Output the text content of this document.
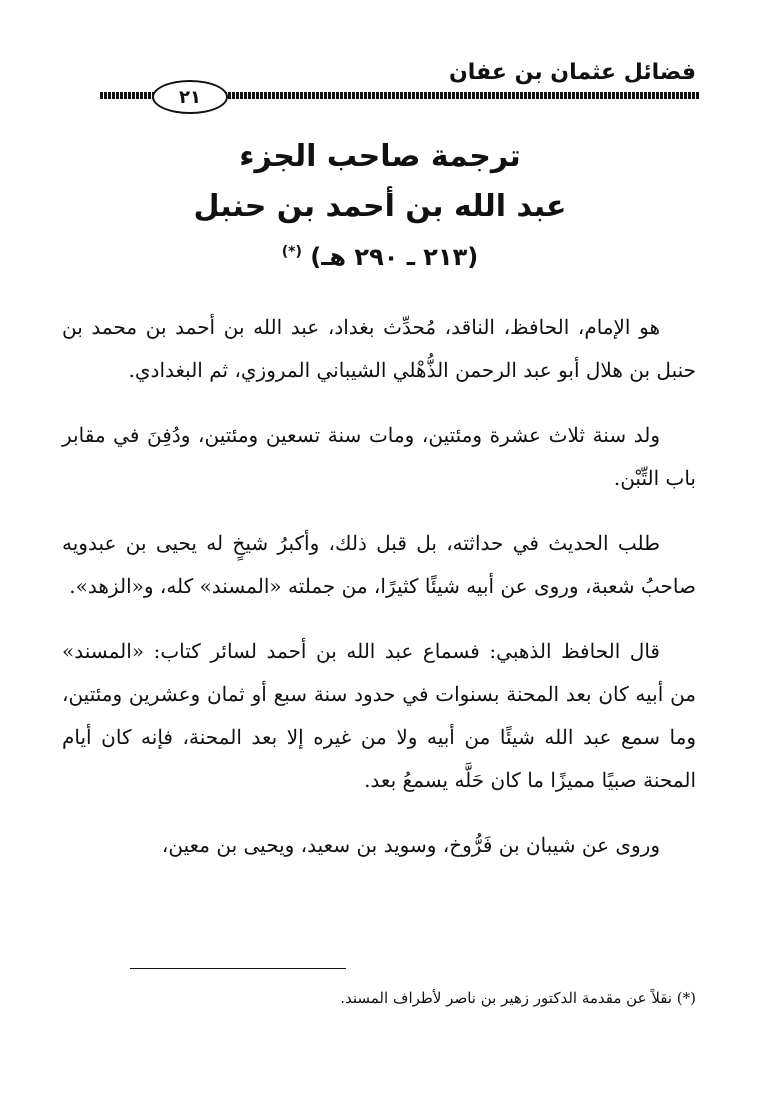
فضائل عثمان بن عفان
٢١
ترجمة صاحب الجزء
عبد الله بن أحمد بن حنبل
(٢١٣ ـ ٢٩٠ هـ) (*)

هو الإمام، الحافظ، الناقد، مُحدِّث بغداد، عبد الله بن أحمد بن محمد بن حنبل بن هلال أبو عبد الرحمن الذُّهْلي الشيباني المروزي، ثم البغدادي.

ولد سنة ثلاث عشرة ومئتين، ومات سنة تسعين ومئتين، ودُفِنَ في مقابر باب التِّبْن.

طلب الحديث في حداثته، بل قبل ذلك، وأكبرُ شيخٍ له يحيى بن عبدويه صاحبُ شعبة، وروى عن أبيه شيئًا كثيرًا، من جملته «المسند» كله، و«الزهد».

قال الحافظ الذهبي: فسماع عبد الله بن أحمد لسائر كتاب: «المسند» من أبيه كان بعد المحنة بسنوات في حدود سنة سبع أو ثمان وعشرين ومئتين، وما سمع عبد الله شيئًا من أبيه ولا من غيره إلا بعد المحنة، فإنه كان أيام المحنة صبيًا مميزًا ما كان حَلَّه يسمعُ بعد.

وروى عن شيبان بن فَرُّوخ، وسويد بن سعيد، ويحيى بن معين،

(*) نقلاً عن مقدمة الدكتور زهير بن ناصر لأطراف المسند.
